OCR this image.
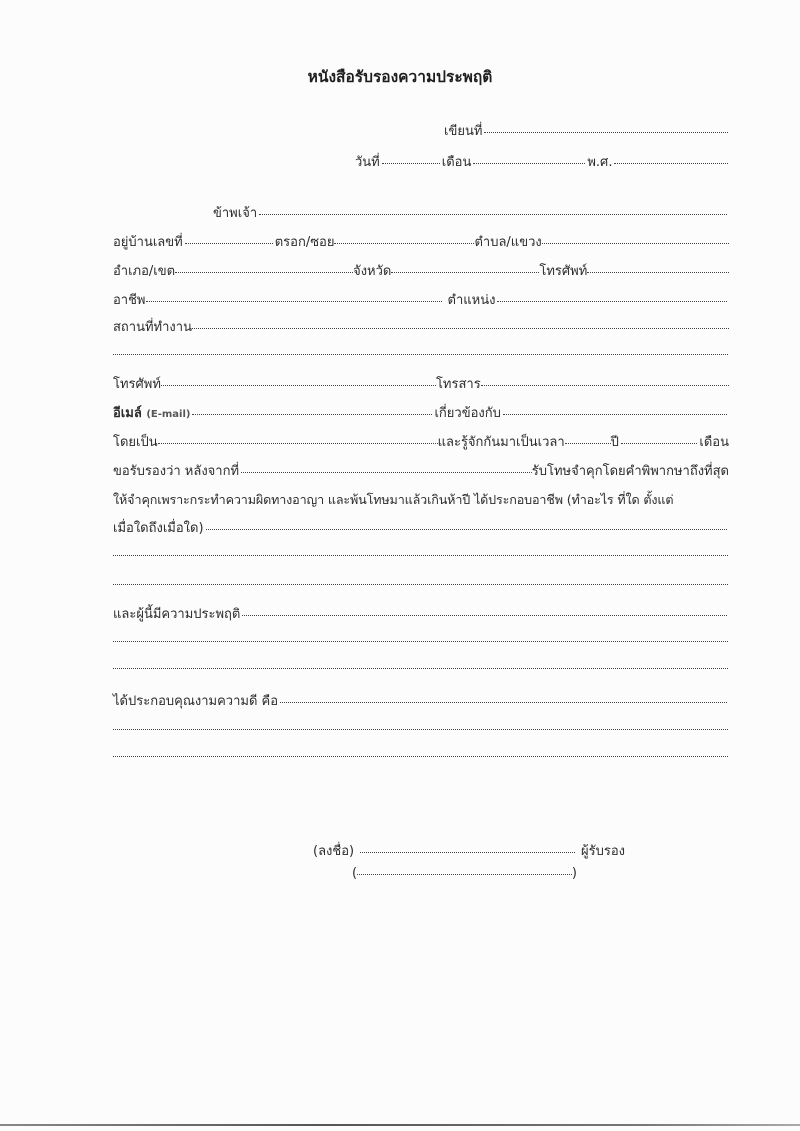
หนังสือรับรองความประพฤติ
เขียนที่
วันที่	เดือน	พ.ศ.
ข้าพเจ้า
อยู่บ้านเลขที่	ตรอก/ซอย	ตำบล/แขวง
อำเภอ/เขต	จังหวัด	โทรศัพท์
อาชีพ	ตำแหน่ง
สถานที่ทำงาน
โทรศัพท์	โทรสาร
อีเมล์ (E-mail)	เกี่ยวข้องกับ
โดยเป็น	และรู้จักกันมาเป็นเวลา	ปี	เดือน
ขอรับรองว่า หลังจากที่	รับโทษจำคุกโดยคำพิพากษาถึงที่สุด
ให้จำคุกเพราะกระทำความผิดทางอาญา และพ้นโทษมาแล้วเกินห้าปี ได้ประกอบอาชีพ (ทำอะไร ที่ใด ตั้งแต่
เมื่อใดถึงเมื่อใด)
และผู้นี้มีความประพฤติ
ได้ประกอบคุณงามความดี คือ
(ลงชื่อ)	ผู้รับรอง
(	)
